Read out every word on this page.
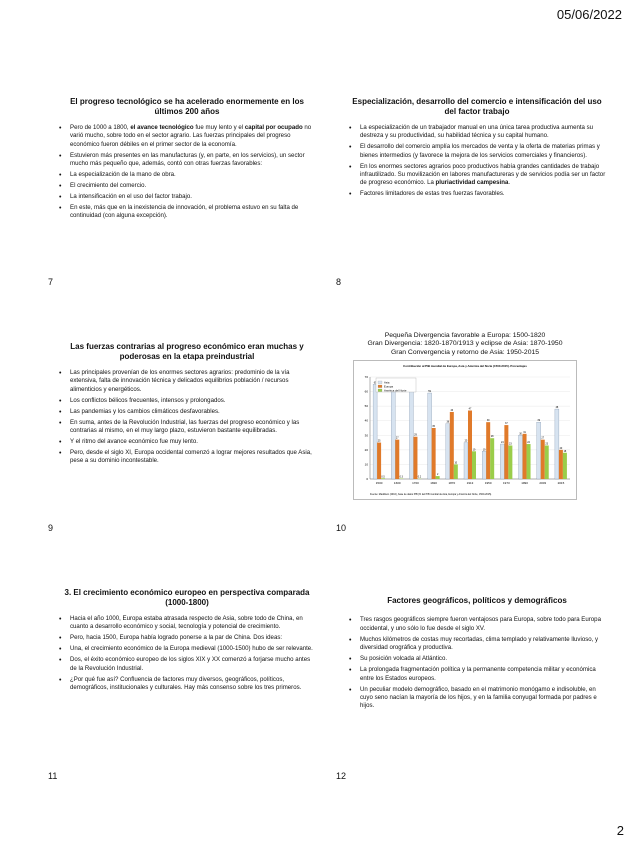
05/06/2022
El progreso tecnológico se ha acelerado enormemente en los últimos 200 años
• Pero de 1000 a 1800, el avance tecnológico fue muy lento y el capital por ocupado no varió mucho, sobre todo en el sector agrario. Las fuerzas principales del progreso económico fueron débiles en el primer sector de la economía.
• Estuvieron más presentes en las manufacturas (y, en parte, en los servicios), un sector mucho más pequeño que, además, contó con otras fuerzas favorables:
• La especialización de la mano de obra.
• El crecimiento del comercio.
• La intensificación en el uso del factor trabajo.
• En este, más que en la inexistencia de innovación, el problema estuvo en su falta de continuidad (con alguna excepción).
7
Especialización, desarrollo del comercio e intensificación del uso del factor trabajo
• La especialización de un trabajador manual en una única tarea productiva aumenta su destreza y su productividad, su habilidad técnica y su capital humano.
• El desarrollo del comercio amplía los mercados de venta y la oferta de materias primas y bienes intermedios (y favorece la mejora de los servicios comerciales y financieros).
• En los enormes sectores agrarios poco productivos había grandes cantidades de trabajo infrautilizado. Su movilización en labores manufactureras y de servicios podía ser un factor de progreso económico. La pluriactividad campesina.
• Factores limitadores de estas tres fuerzas favorables.
8
Las fuerzas contrarias al progreso económico eran muchas y poderosas en la etapa preindustrial
• Las principales provenían de los enormes sectores agrarios: predominio de la vía extensiva, falta de innovación técnica y delicados equilibrios población / recursos alimenticios y energéticos.
• Los conflictos bélicos frecuentes, intensos y prolongados.
• Las pandemias y los cambios climáticos desfavorables.
• En suma, antes de la Revolución Industrial, las fuerzas del progreso económico y las contrarias al mismo, en el muy largo plazo, estuvieron bastante equilibradas.
• Y el ritmo del avance económico fue muy lento.
• Pero, desde el siglo XI, Europa occidental comenzó a lograr mejores resultados que Asia, pese a su dominio incontestable.
9

Pequeña Divergencia favorable a Europa: 1500-1820

Gran Divergencia: 1820-1870/1913 y eclipse de Asia: 1870-1950

Gran Convergencia y retorno de Asia: 1950-2015

Contribución al PIB mundial de Europa, Asia y América del Norte (1500-2015). Porcentajes
0
10
20
30
40
50
60
70
65
25
0.5
1500
27
0.3
1600
29
0.2
1700
59
35
2
1820
38
46
10
1870
25
47
19
1913
19
39
28
1950
24
37
23
1973
30 31
24
1990
39
27
23
2003
48
20
18
2015
Asia
Europa
América del Norte
Fuente: Maddison (2010), base de datos PIB (% del PIB mundial de Asia, Europa y América del Norte, 1500-2015).
10
3. El crecimiento económico europeo en perspectiva comparada (1000-1800)
• Hacia el año 1000, Europa estaba atrasada respecto de Asia, sobre todo de China, en cuanto a desarrollo económico y social, tecnología y potencial de crecimiento.
• Pero, hacia 1500, Europa había logrado ponerse a la par de China. Dos ideas:
• Una, el crecimiento económico de la Europa medieval (1000-1500) hubo de ser relevante.
• Dos, el éxito económico europeo de los siglos XIX y XX comenzó a forjarse mucho antes de la Revolución Industrial.
• ¿Por qué fue así? Confluencia de factores muy diversos, geográficos, políticos, demográficos, institucionales y culturales. Hay más consenso sobre los tres primeros.
11
Factores geográficos, políticos y demográficos
• Tres rasgos geográficos siempre fueron ventajosos para Europa, sobre todo para Europa occidental, y uno sólo lo fue desde el siglo XV.
• Muchos kilómetros de costas muy recortadas, clima templado y relativamente lluvioso, y diversidad orográfica y productiva.
• Su posición volcada al Atlántico.
• La prolongada fragmentación política y la permanente competencia militar y económica entre los Estados europeos.
• Un peculiar modelo demográfico, basado en el matrimonio monógamo e indisoluble, en cuyo seno nacían la mayoría de los hijos, y en la familia conyugal formada por padres e hijos.
12
2
